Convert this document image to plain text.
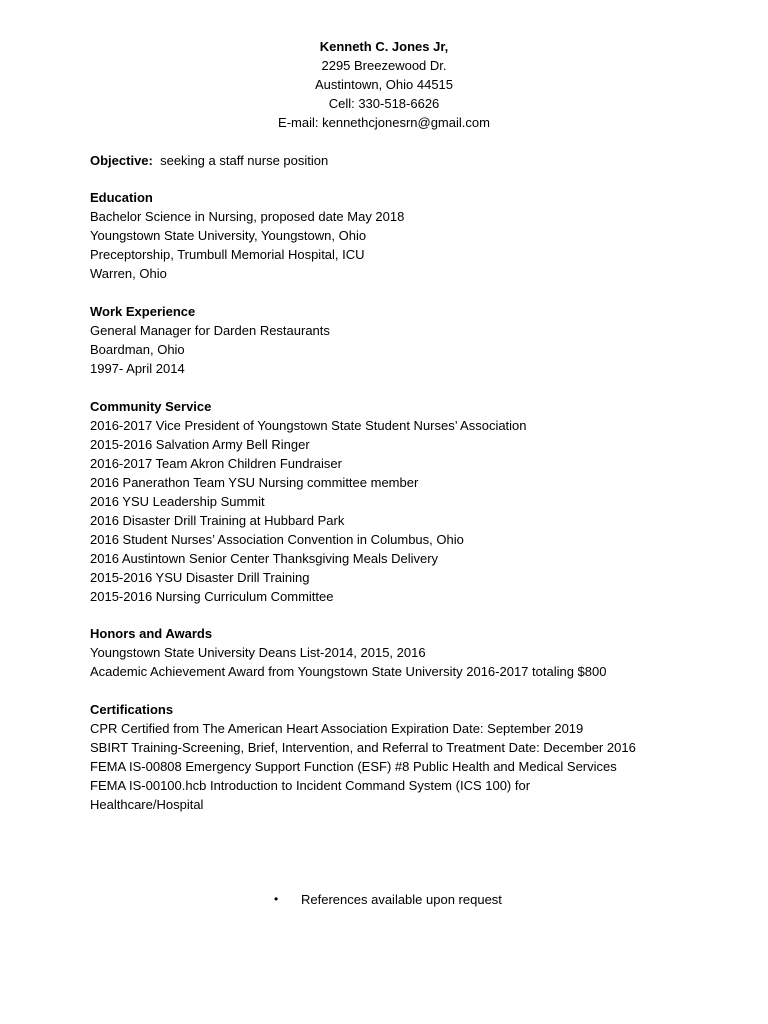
Kenneth C. Jones Jr,
2295 Breezewood Dr.
Austintown, Ohio 44515
Cell: 330-518-6626
E-mail: kennethcjonesrn@gmail.com
Objective: seeking a staff nurse position
Education
Bachelor Science in Nursing, proposed date May 2018
Youngstown State University, Youngstown, Ohio
Preceptorship, Trumbull Memorial Hospital, ICU
Warren, Ohio
Work Experience
General Manager for Darden Restaurants
Boardman, Ohio
1997- April 2014
Community Service
2016-2017 Vice President of Youngstown State Student Nurses’ Association
2015-2016 Salvation Army Bell Ringer
2016-2017 Team Akron Children Fundraiser
2016 Panerathon Team YSU Nursing committee member
2016 YSU Leadership Summit
2016 Disaster Drill Training at Hubbard Park
2016 Student Nurses’ Association Convention in Columbus, Ohio
2016 Austintown Senior Center Thanksgiving Meals Delivery
2015-2016 YSU Disaster Drill Training
2015-2016 Nursing Curriculum Committee
Honors and Awards
Youngstown State University Deans List-2014, 2015, 2016
Academic Achievement Award from Youngstown State University 2016-2017 totaling $800
Certifications
CPR Certified from The American Heart Association Expiration Date: September 2019
SBIRT Training-Screening, Brief, Intervention, and Referral to Treatment Date: December 2016
FEMA IS-00808 Emergency Support Function (ESF) #8 Public Health and Medical Services
FEMA IS-00100.hcb Introduction to Incident Command System (ICS 100) for
Healthcare/Hospital
• References available upon request
